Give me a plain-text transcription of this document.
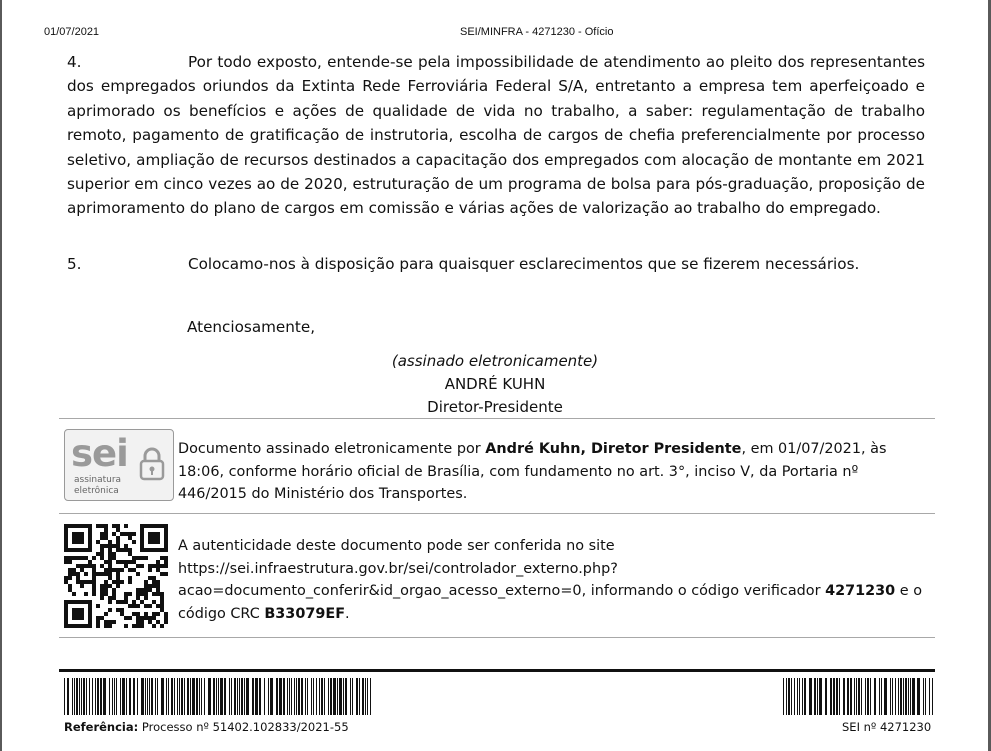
01/07/2021	SEI/MINFRA - 4271230 - Ofício
4.	Por todo exposto, entende-se pela impossibilidade de atendimento ao pleito dos representantes dos empregados oriundos da Extinta Rede Ferroviária Federal S/A, entretanto a empresa tem aperfeiçoado e aprimorado os benefícios e ações de qualidade de vida no trabalho, a saber: regulamentação de trabalho remoto, pagamento de gratificação de instrutoria, escolha de cargos de chefia preferencialmente por processo seletivo, ampliação de recursos destinados a capacitação dos empregados com alocação de montante em 2021 superior em cinco vezes ao de 2020, estruturação de um programa de bolsa para pós-graduação, proposição de aprimoramento do plano de cargos em comissão e várias ações de valorização ao trabalho do empregado.
5.	Colocamo-nos à disposição para quaisquer esclarecimentos que se fizerem necessários.
Atenciosamente,
(assinado eletronicamente)
ANDRÉ KUHN
Diretor-Presidente
sei
assinatura
eletrônica
Documento assinado eletronicamente por André Kuhn, Diretor Presidente, em 01/07/2021, às 18:06, conforme horário oficial de Brasília, com fundamento no art. 3°, inciso V, da Portaria nº 446/2015 do Ministério dos Transportes.
A autenticidade deste documento pode ser conferida no site
https://sei.infraestrutura.gov.br/sei/controlador_externo.php?
acao=documento_conferir&id_orgao_acesso_externo=0, informando o código verificador 4271230 e o código CRC B33079EF.
Referência: Processo nº 51402.102833/2021-55	SEI nº 4271230
